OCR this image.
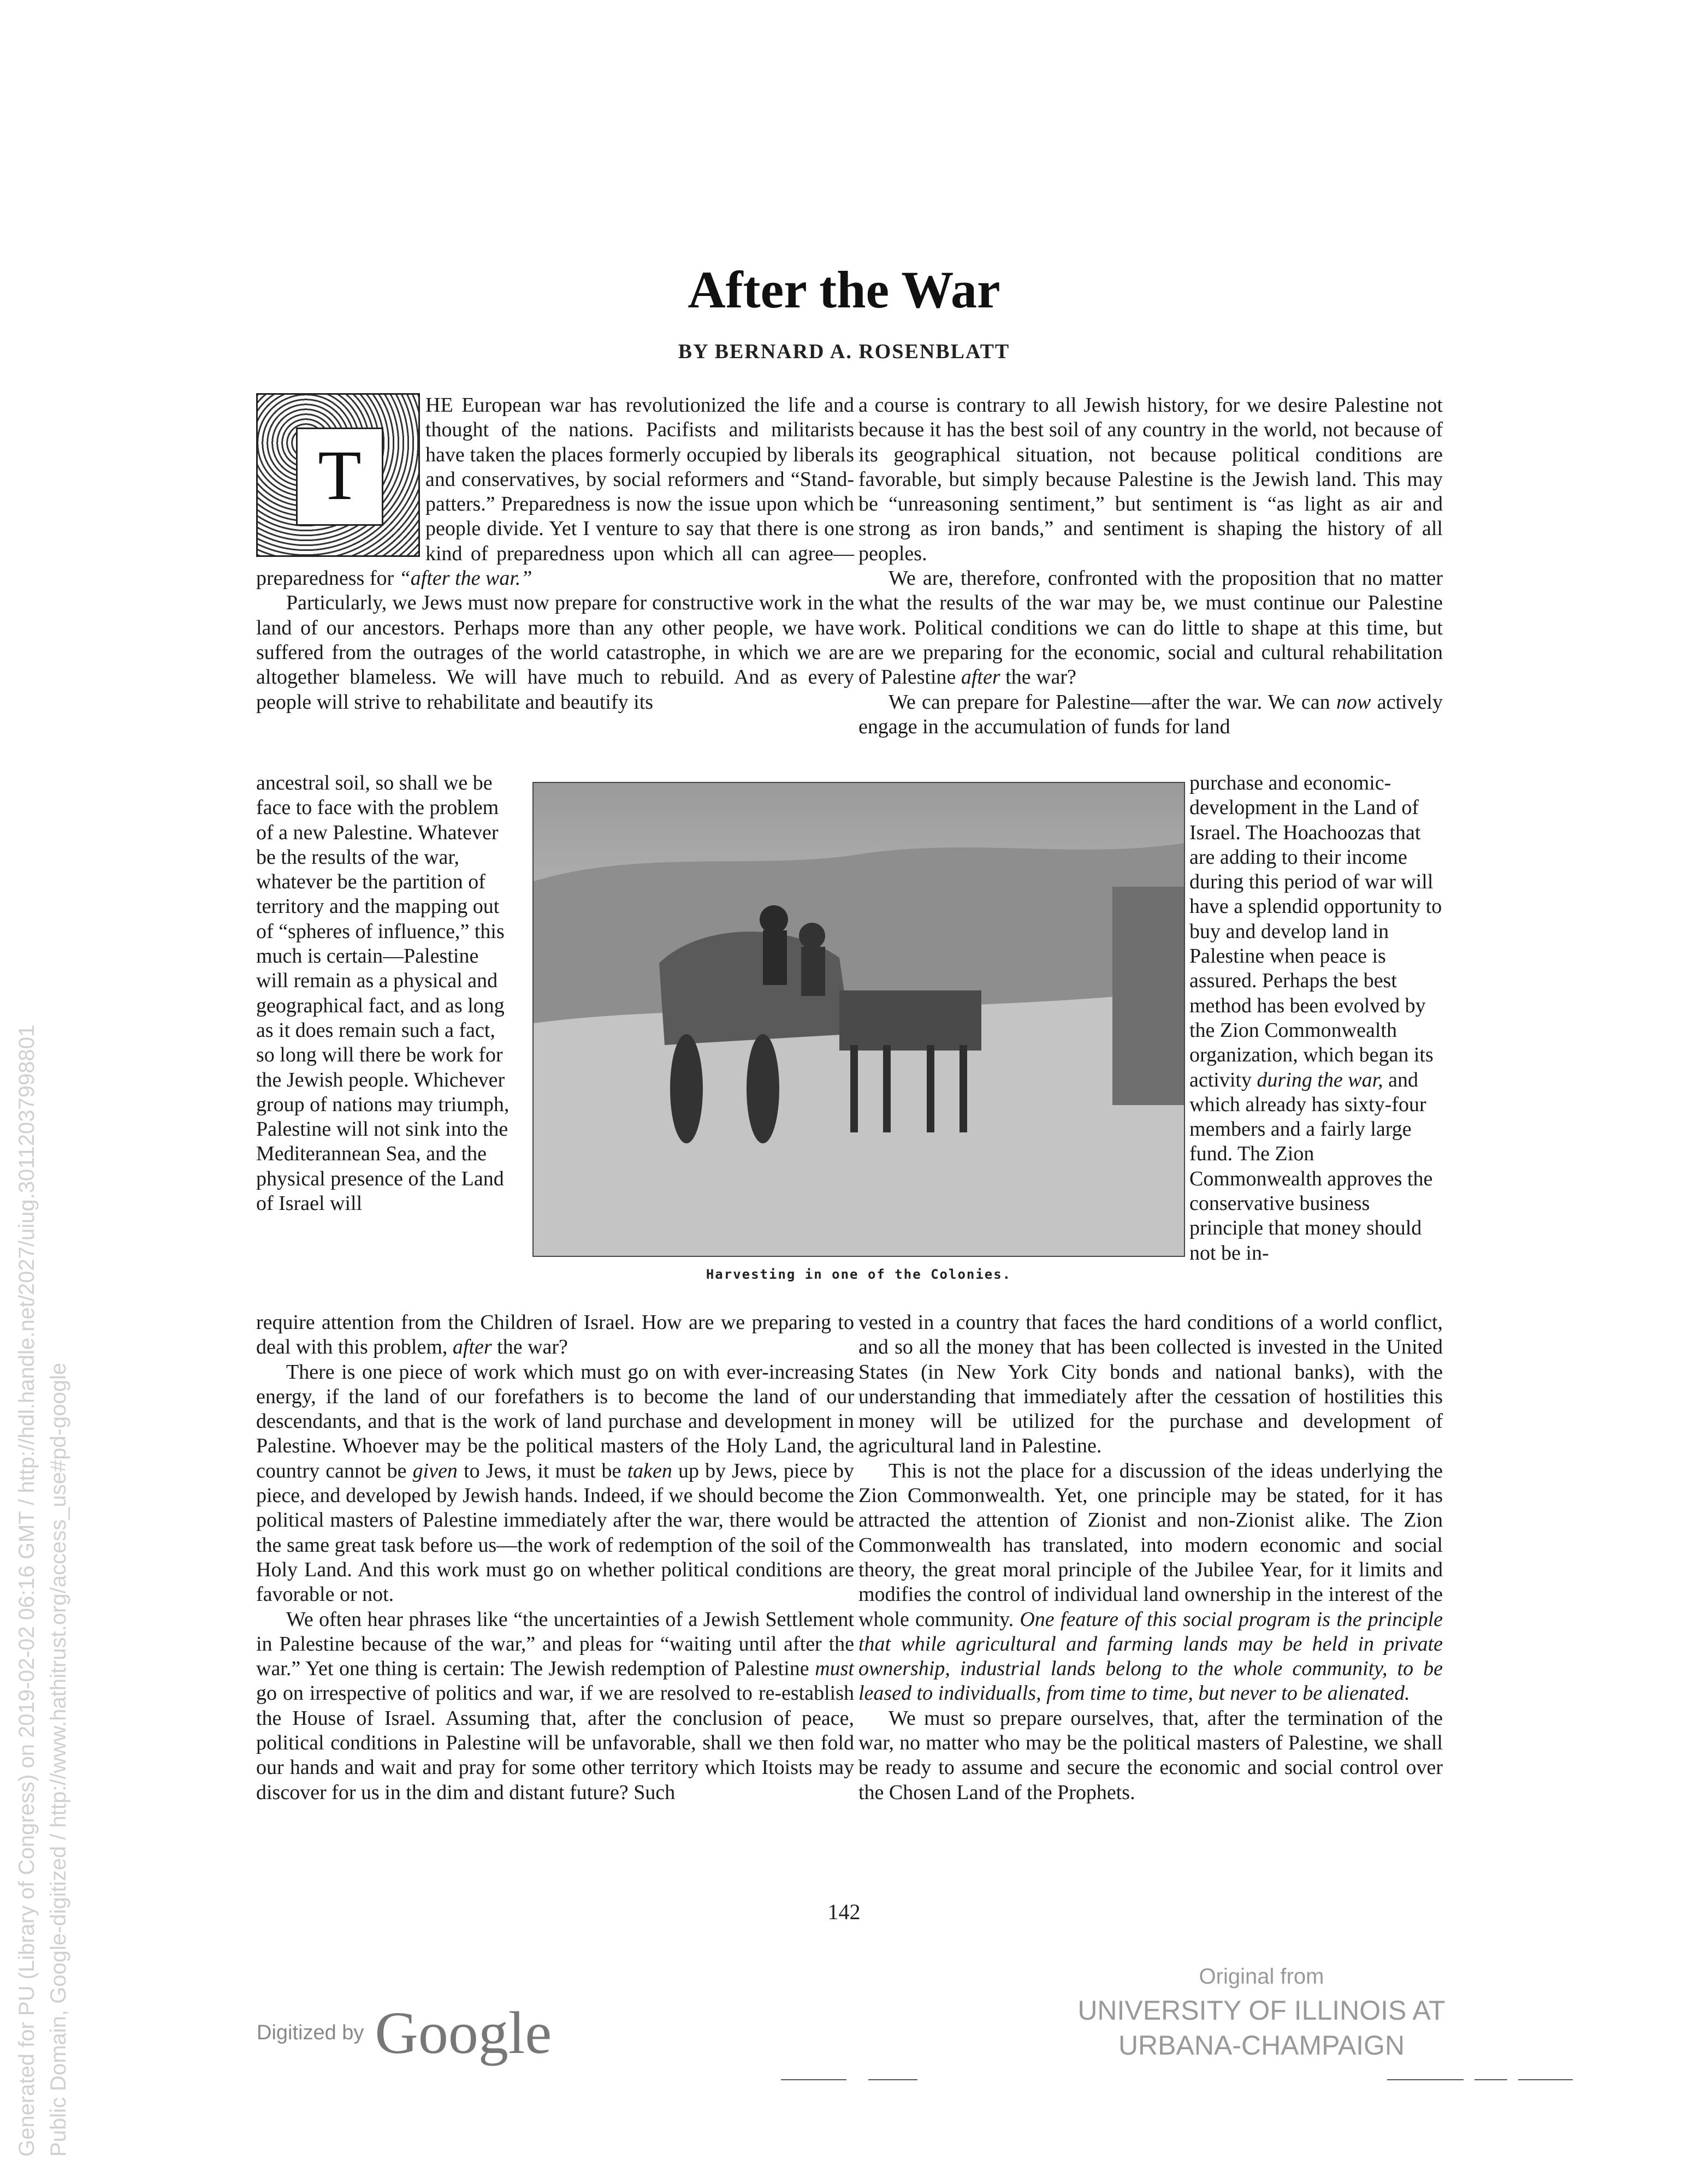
After the War
BY BERNARD A. ROSENBLATT
T

HE European war has revolutionized the life and thought of the nations. Pacifists and militarists have taken the places formerly occupied by liberals and conservatives, by social reformers and “Stand-patters.” Preparedness is now the issue upon which people divide. Yet I venture to say that there is one kind of preparedness upon which all can agree—preparedness for “after the war.”

Particularly, we Jews must now prepare for constructive work in the land of our ancestors. Perhaps more than any other people, we have suffered from the outrages of the world catastrophe, in which we are altogether blameless. We will have much to rebuild. And as every people will strive to rehabilitate and beautify its

ancestral soil, so shall we be face to face with the problem of a new Palestine. Whatever be the results of the war, whatever be the partition of territory and the mapping out of “spheres of influence,” this much is certain—Palestine will remain as a physical and geographical fact, and as long as it does remain such a fact, so long will there be work for the Jewish people. Whichever group of nations may triumph, Palestine will not sink into the Mediterannean Sea, and the physical presence of the Land of Israel will

Harvesting in one of the Colonies.

require attention from the Children of Israel. How are we preparing to deal with this problem, after the war?

There is one piece of work which must go on with ever-increasing energy, if the land of our forefathers is to become the land of our descendants, and that is the work of land purchase and development in Palestine. Whoever may be the political masters of the Holy Land, the country cannot be given to Jews, it must be taken up by Jews, piece by piece, and developed by Jewish hands. Indeed, if we should become the political masters of Palestine immediately after the war, there would be the same great task before us—the work of redemption of the soil of the Holy Land. And this work must go on whether political conditions are favorable or not.

We often hear phrases like “the uncertainties of a Jewish Settlement in Palestine because of the war,” and pleas for “waiting until after the war.” Yet one thing is certain: The Jewish redemption of Palestine must go on irrespective of politics and war, if we are resolved to re-establish the House of Israel. Assuming that, after the conclusion of peace, political conditions in Palestine will be unfavorable, shall we then fold our hands and wait and pray for some other territory which Itoists may discover for us in the dim and distant future? Such

a course is contrary to all Jewish history, for we desire Palestine not because it has the best soil of any country in the world, not because of its geographical situation, not because political conditions are favorable, but simply because Palestine is the Jewish land. This may be “unreasoning sentiment,” but sentiment is “as light as air and strong as iron bands,” and sentiment is shaping the history of all peoples.

We are, therefore, confronted with the proposition that no matter what the results of the war may be, we must continue our Palestine work. Political conditions we can do little to shape at this time, but are we preparing for the economic, social and cultural rehabilitation of Palestine after the war?

We can prepare for Palestine—after the war. We can now actively engage in the accumulation of funds for land

purchase and economic-development in the Land of Israel. The Hoachoozas that are adding to their income during this period of war will have a splendid opportunity to buy and develop land in Palestine when peace is assured. Perhaps the best method has been evolved by the Zion Commonwealth organization, which began its activity during the war, and which already has sixty-four members and a fairly large fund. The Zion Commonwealth approves the conservative business principle that money should not be in-

vested in a country that faces the hard conditions of a world conflict, and so all the money that has been collected is invested in the United States (in New York City bonds and national banks), with the understanding that immediately after the cessation of hostilities this money will be utilized for the purchase and development of agricultural land in Palestine.

This is not the place for a discussion of the ideas underlying the Zion Commonwealth. Yet, one principle may be stated, for it has attracted the attention of Zionist and non-Zionist alike. The Zion Commonwealth has translated, into modern economic and social theory, the great moral principle of the Jubilee Year, for it limits and modifies the control of individual land ownership in the interest of the whole community. One feature of this social program is the principle that while agricultural and farming lands may be held in private ownership, industrial lands belong to the whole community, to be leased to individualls, from time to time, but never to be alienated.

We must so prepare ourselves, that, after the termination of the war, no matter who may be the political masters of Palestine, we shall be ready to assume and secure the economic and social control over the Chosen Land of the Prophets.

142
Generated for PU (Library of Congress) on 2019-02-02 06:16 GMT / http://hdl.handle.net/2027/uiug.30112037998801 Public Domain, Google-digitized / http://www.hathitrust.org/access_use#pd-google	Digitized by Google
Original from
UNIVERSITY OF ILLINOIS AT
URBANA-CHAMPAIGN
